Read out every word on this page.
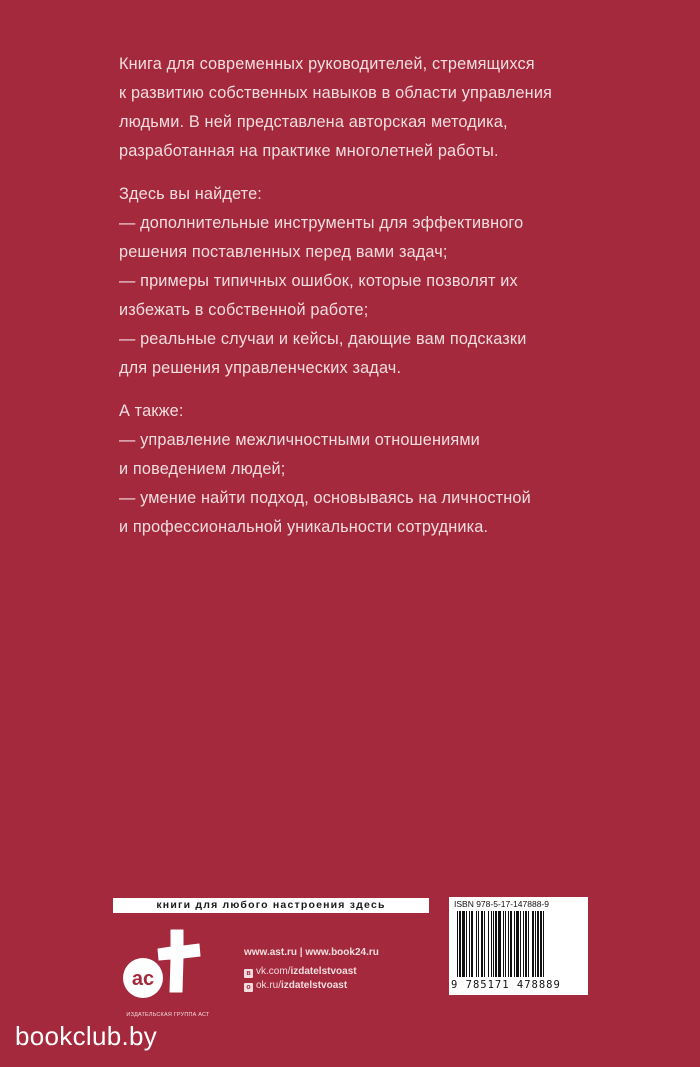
Книга для современных руководителей, стремящихся
к развитию собственных навыков в области управления
людьми. В ней представлена авторская методика,
разработанная на практике многолетней работы.

Здесь вы найдете:
— дополнительные инструменты для эффективного
решения поставленных перед вами задач;
— примеры типичных ошибок, которые позволят их
избежать в собственной работе;
— реальные случаи и кейсы, дающие вам подсказки
для решения управленческих задач.

А также:
— управление межличностными отношениями
и поведением людей;
— умение найти подход, основываясь на личностной
и профессиональной уникальности сотрудника.

книги для любого настроения здесь
ac
ИЗДАТЕЛЬСКАЯ ГРУППА АСТ
www.ast.ru | www.book24.ru
в vk.com/izdatelstvoast
о ok.ru/izdatelstvoast
ISBN 978-5-17-147888-9
9 785171 478889
bookclub.by
